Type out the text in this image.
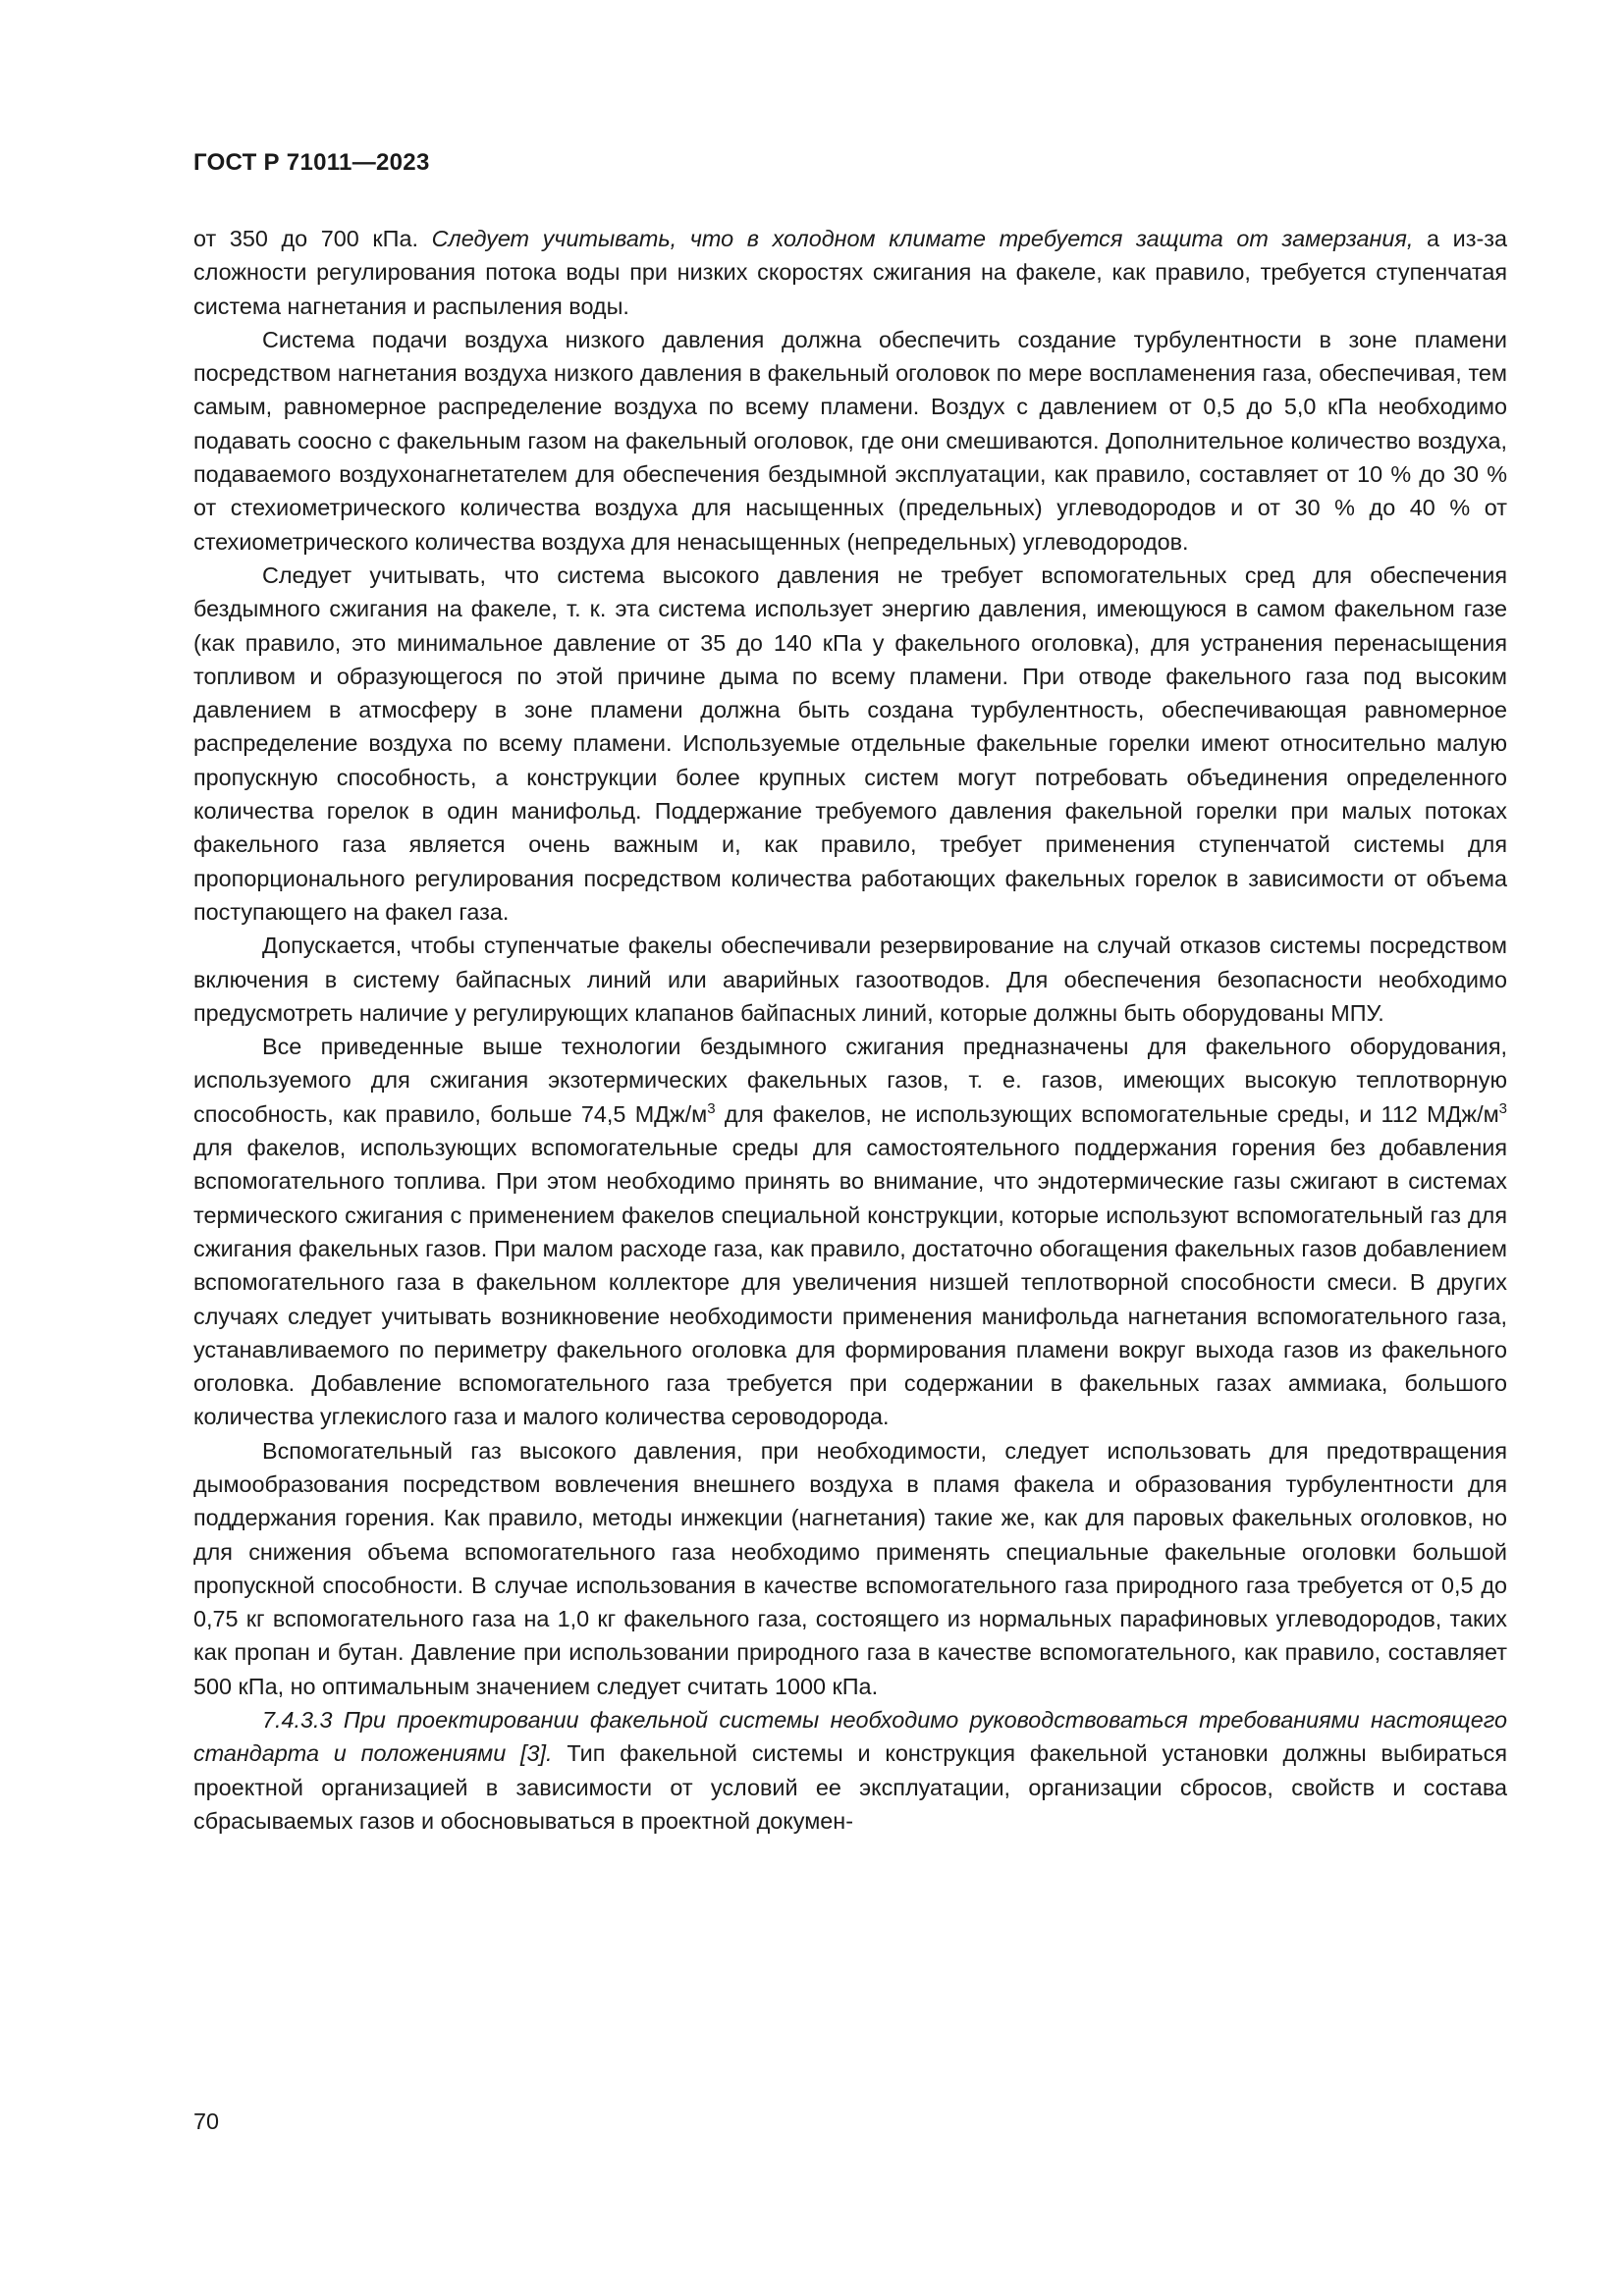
ГОСТ Р 71011—2023

от 350 до 700 кПа. Следует учитывать, что в холодном климате требуется защита от замерзания, а из-за сложности регулирования потока воды при низких скоростях сжигания на факеле, как правило, требуется ступенчатая система нагнетания и распыления воды.

Система подачи воздуха низкого давления должна обеспечить создание турбулентности в зоне пламени посредством нагнетания воздуха низкого давления в факельный оголовок по мере воспламенения газа, обеспечивая, тем самым, равномерное распределение воздуха по всему пламени. Воздух с давлением от 0,5 до 5,0 кПа необходимо подавать соосно с факельным газом на факельный оголовок, где они смешиваются. Дополнительное количество воздуха, подаваемого воздухонагнетателем для обеспечения бездымной эксплуатации, как правило, составляет от 10 % до 30 % от стехиометрического количества воздуха для насыщенных (предельных) углеводородов и от 30 % до 40 % от стехиометрического количества воздуха для ненасыщенных (непредельных) углеводородов.

Следует учитывать, что система высокого давления не требует вспомогательных сред для обеспечения бездымного сжигания на факеле, т. к. эта система использует энергию давления, имеющуюся в самом факельном газе (как правило, это минимальное давление от 35 до 140 кПа у факельного оголовка), для устранения перенасыщения топливом и образующегося по этой причине дыма по всему пламени. При отводе факельного газа под высоким давлением в атмосферу в зоне пламени должна быть создана турбулентность, обеспечивающая равномерное распределение воздуха по всему пламени. Используемые отдельные факельные горелки имеют относительно малую пропускную способность, а конструкции более крупных систем могут потребовать объединения определенного количества горелок в один манифольд. Поддержание требуемого давления факельной горелки при малых потоках факельного газа является очень важным и, как правило, требует применения ступенчатой системы для пропорционального регулирования посредством количества работающих факельных горелок в зависимости от объема поступающего на факел газа.

Допускается, чтобы ступенчатые факелы обеспечивали резервирование на случай отказов системы посредством включения в систему байпасных линий или аварийных газоотводов. Для обеспечения безопасности необходимо предусмотреть наличие у регулирующих клапанов байпасных линий, которые должны быть оборудованы МПУ.

Все приведенные выше технологии бездымного сжигания предназначены для факельного оборудования, используемого для сжигания экзотермических факельных газов, т. е. газов, имеющих высокую теплотворную способность, как правило, больше 74,5 МДж/$м^3$ для факелов, не использующих вспомогательные среды, и 112 МДж/$м^3$ для факелов, использующих вспомогательные среды для самостоятельного поддержания горения без добавления вспомогательного топлива. При этом необходимо принять во внимание, что эндотермические газы сжигают в системах термического сжигания с применением факелов специальной конструкции, которые используют вспомогательный газ для сжигания факельных газов. При малом расходе газа, как правило, достаточно обогащения факельных газов добавлением вспомогательного газа в факельном коллекторе для увеличения низшей теплотворной способности смеси. В других случаях следует учитывать возникновение необходимости применения манифольда нагнетания вспомогательного газа, устанавливаемого по периметру факельного оголовка для формирования пламени вокруг выхода газов из факельного оголовка. Добавление вспомогательного газа требуется при содержании в факельных газах аммиака, большого количества углекислого газа и малого количества сероводорода.

Вспомогательный газ высокого давления, при необходимости, следует использовать для предотвращения дымообразования посредством вовлечения внешнего воздуха в пламя факела и образования турбулентности для поддержания горения. Как правило, методы инжекции (нагнетания) такие же, как для паровых факельных оголовков, но для снижения объема вспомогательного газа необходимо применять специальные факельные оголовки большой пропускной способности. В случае использования в качестве вспомогательного газа природного газа требуется от 0,5 до 0,75 кг вспомогательного газа на 1,0 кг факельного газа, состоящего из нормальных парафиновых углеводородов, таких как пропан и бутан. Давление при использовании природного газа в качестве вспомогательного, как правило, составляет 500 кПа, но оптимальным значением следует считать 1000 кПа.

7.4.3.3 При проектировании факельной системы необходимо руководствоваться требованиями настоящего стандарта и положениями [3]. Тип факельной системы и конструкция факельной установки должны выбираться проектной организацией в зависимости от условий ее эксплуатации, организации сбросов, свойств и состава сбрасываемых газов и обосновываться в проектной докумен-

70
